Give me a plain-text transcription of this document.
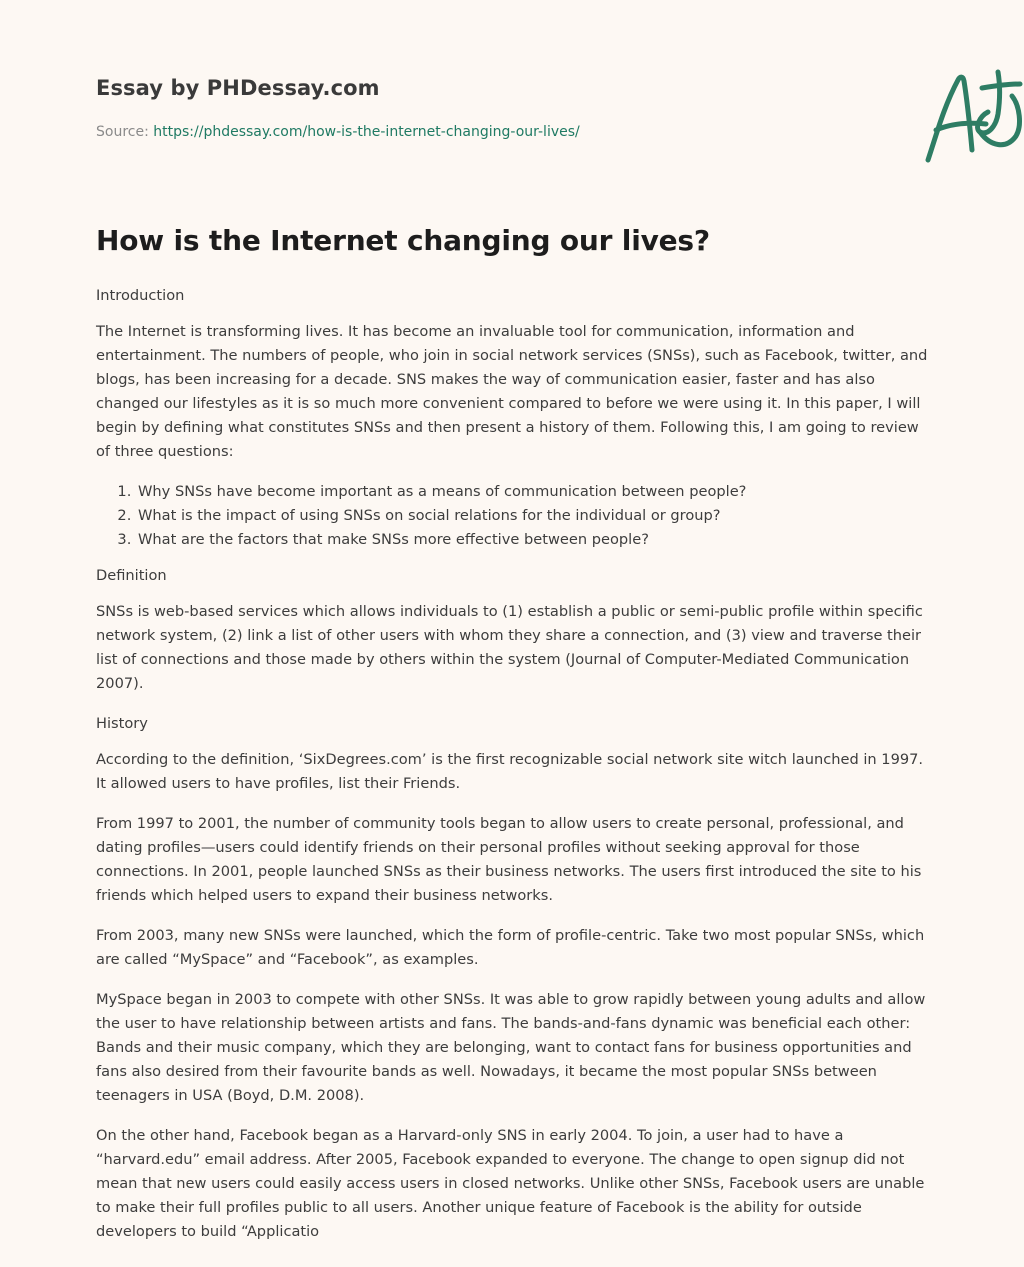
Essay by PHDessay.com
Source: https://phdessay.com/how-is-the-internet-changing-our-lives/
How is the Internet changing our lives?

Introduction

The Internet is transforming lives. It has become an invaluable tool for communication, information and entertainment. The numbers of people, who join in social network services (SNSs), such as Facebook, twitter, and blogs, has been increasing for a decade. SNS makes the way of communication easier, faster and has also changed our lifestyles as it is so much more convenient compared to before we were using it. In this paper, I will begin by defining what constitutes SNSs and then present a history of them. Following this, I am going to review of three questions:

1. Why SNSs have become important as a means of communication between people?
2. What is the impact of using SNSs on social relations for the individual or group?
3. What are the factors that make SNSs more effective between people?

Definition

SNSs is web-based services which allows individuals to (1) establish a public or semi-public profile within specific network system, (2) link a list of other users with whom they share a connection, and (3) view and traverse their list of connections and those made by others within the system (Journal of Computer-Mediated Communication 2007).

History

According to the definition, ‘SixDegrees.com’ is the first recognizable social network site witch launched in 1997. It allowed users to have profiles, list their Friends.

From 1997 to 2001, the number of community tools began to allow users to create personal, professional, and dating profiles—users could identify friends on their personal profiles without seeking approval for those connections. In 2001, people launched SNSs as their business networks. The users first introduced the site to his friends which helped users to expand their business networks.

From 2003, many new SNSs were launched, which the form of profile-centric. Take two most popular SNSs, which are called “MySpace” and “Facebook”, as examples.

MySpace began in 2003 to compete with other SNSs. It was able to grow rapidly between young adults and allow the user to have relationship between artists and fans. The bands-and-fans dynamic was beneficial each other: Bands and their music company, which they are belonging, want to contact fans for business opportunities and fans also desired from their favourite bands as well. Nowadays, it became the most popular SNSs between teenagers in USA (Boyd, D.M. 2008).

On the other hand, Facebook began as a Harvard-only SNS in early 2004. To join, a user had to have a “harvard.edu” email address. After 2005, Facebook expanded to everyone. The change to open signup did not mean that new users could easily access users in closed networks. Unlike other SNSs, Facebook users are unable to make their full profiles public to all users. Another unique feature of Facebook is the ability for outside developers to build “Applicatio
